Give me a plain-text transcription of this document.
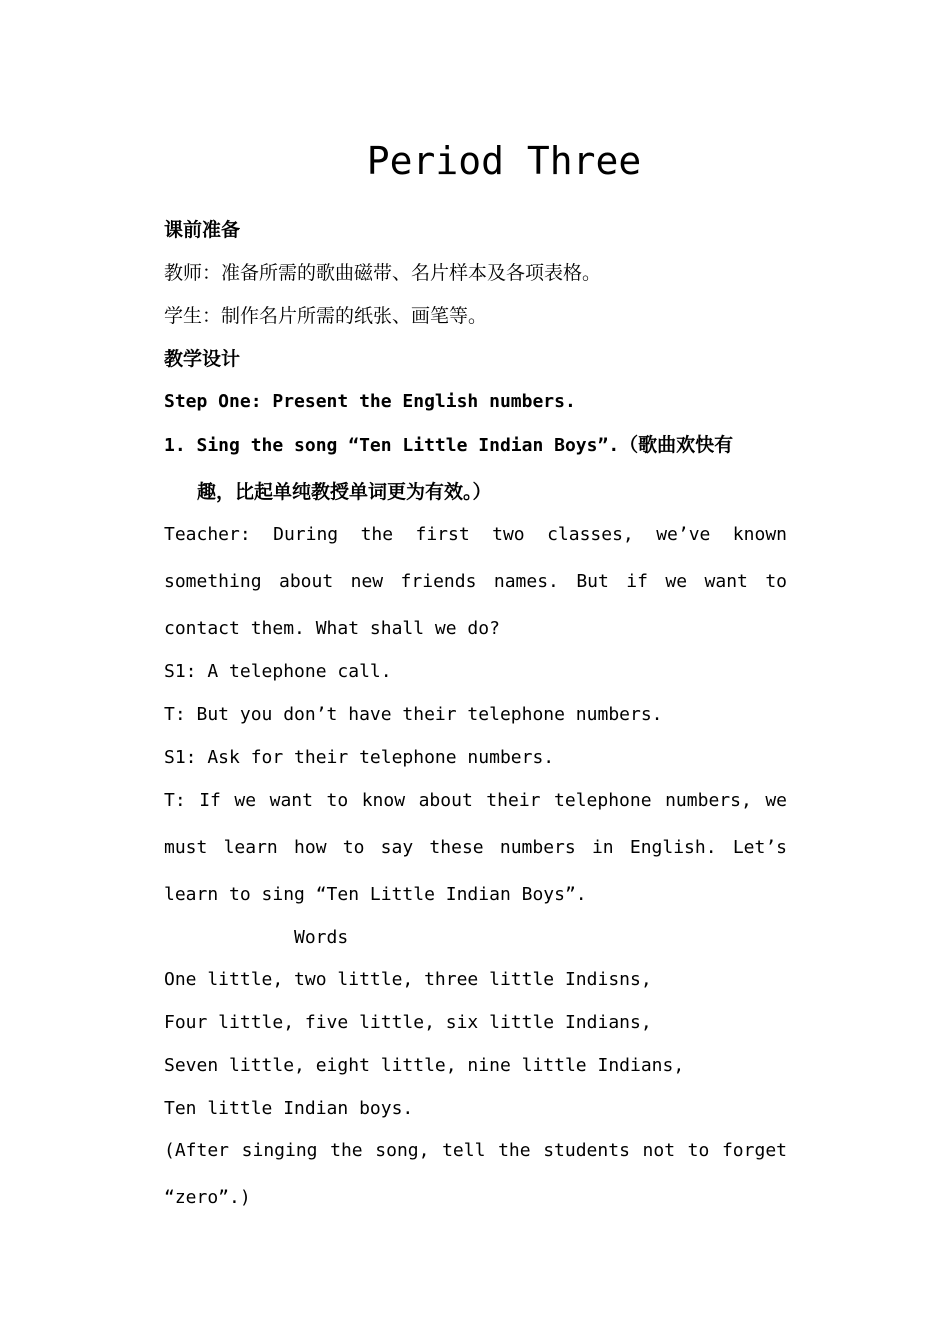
Period Three
课前准备
教师：准备所需的歌曲磁带、名片样本及各项表格。
学生：制作名片所需的纸张、画笔等。
教学设计
Step One: Present the English numbers.
1. Sing the song “Ten Little Indian Boys”.（歌曲欢快有
趣，比起单纯教授单词更为有效。）
Teacher: During the first two classes, we’ve known
something about new friends names. But if we want to
contact them. What shall we do?
S1: A telephone call.
T: But you don’t have their telephone numbers.
S1: Ask for their telephone numbers.
T: If we want to know about their telephone numbers, we
must learn how to say these numbers in English. Let’s
learn to sing “Ten Little Indian Boys”.
Words
One little, two little, three little Indisns,
Four little, five little, six little Indians,
Seven little, eight little, nine little Indians,
Ten little Indian boys.
(After singing the song, tell the students not to forget
“zero”.)
